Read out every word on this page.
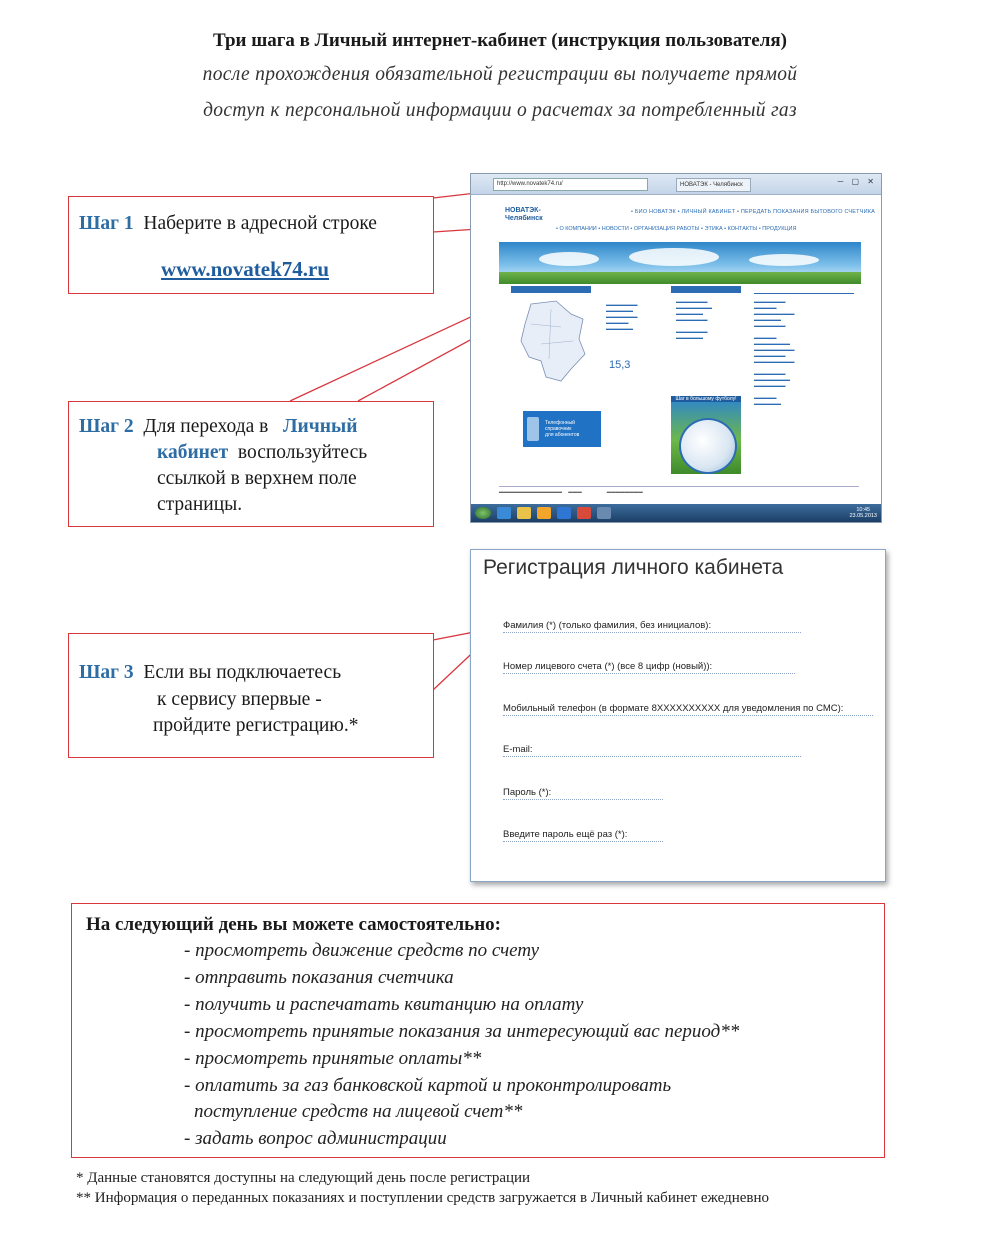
Три шага в Личный интернет-кабинет (инструкция пользователя)
после прохождения обязательной регистрации вы получаете прямой
доступ к персональной информации о расчетах за потребленный газ
Шаг 1 Наберите в адресной строке
www.novatek74.ru
Шаг 2 Для перехода в Личный
кабинет воспользуйтесь
ссылкой в верхнем поле
страницы.
Шаг 3 Если вы подключаетесь
к сервису впервые -
пройдите регистрацию.*
http://www.novatek74.ru/	НОВАТЭК - Челябинск	─ ▢ ✕
НОВАТЭК-
Челябинск
• БИО НОВАТЭК • ЛИЧНЫЙ КАБИНЕТ • ПЕРЕДАТЬ ПОКАЗАНИЯ БЫТОВОГО СЧЕТЧИКА
• О КОМПАНИИ • НОВОСТИ • ОРГАНИЗАЦИЯ РАБОТЫ • ЭТИКА • КОНТАКТЫ • ПРОДУКЦИЯ
▬▬▬▬▬▬▬
▬▬▬▬▬▬
▬▬▬▬▬▬▬
▬▬▬▬▬
▬▬▬▬▬▬
15,3
Телефонный
справочник
для абонентов
▬▬▬▬▬▬▬
▬▬▬▬▬▬▬▬
▬▬▬▬▬▬
▬▬▬▬▬▬▬

▬▬▬▬▬▬▬
▬▬▬▬▬▬
Шаг в большому футболу!
▬▬▬▬▬▬▬
▬▬▬▬▬
▬▬▬▬▬▬▬▬▬
▬▬▬▬▬▬
▬▬▬▬▬▬▬

▬▬▬▬▬
▬▬▬▬▬▬▬▬
▬▬▬▬▬▬▬▬▬
▬▬▬▬▬▬▬
▬▬▬▬▬▬▬▬▬

▬▬▬▬▬▬▬
▬▬▬▬▬▬▬▬
▬▬▬▬▬▬▬

▬▬▬▬▬
▬▬▬▬▬▬
▬▬▬▬▬▬▬▬▬▬▬▬▬▬     ▬▬▬                    ▬▬▬▬▬▬▬▬
10:45
23.05.2013
Регистрация личного кабинета
Фамилия (*) (только фамилия, без инициалов):
Номер лицевого счета (*) (все 8 цифр (новый)):
Мобильный телефон (в формате 8XXXXXXXXXX для уведомления по СМС):
E-mail:
Пароль (*):
Введите пароль ещё раз (*):
На следующий день вы можете самостоятельно:
- просмотреть движение средств по счету
- отправить показания счетчика
- получить и распечатать квитанцию на оплату
- просмотреть принятые показания за интересующий вас период**
- просмотреть принятые оплаты**
- оплатить за газ банковской картой и проконтролировать
поступление средств на лицевой счет**
- задать вопрос администрации
* Данные становятся доступны на следующий день после регистрации
** Информация о переданных показаниях и поступлении средств загружается в Личный кабинет ежедневно
